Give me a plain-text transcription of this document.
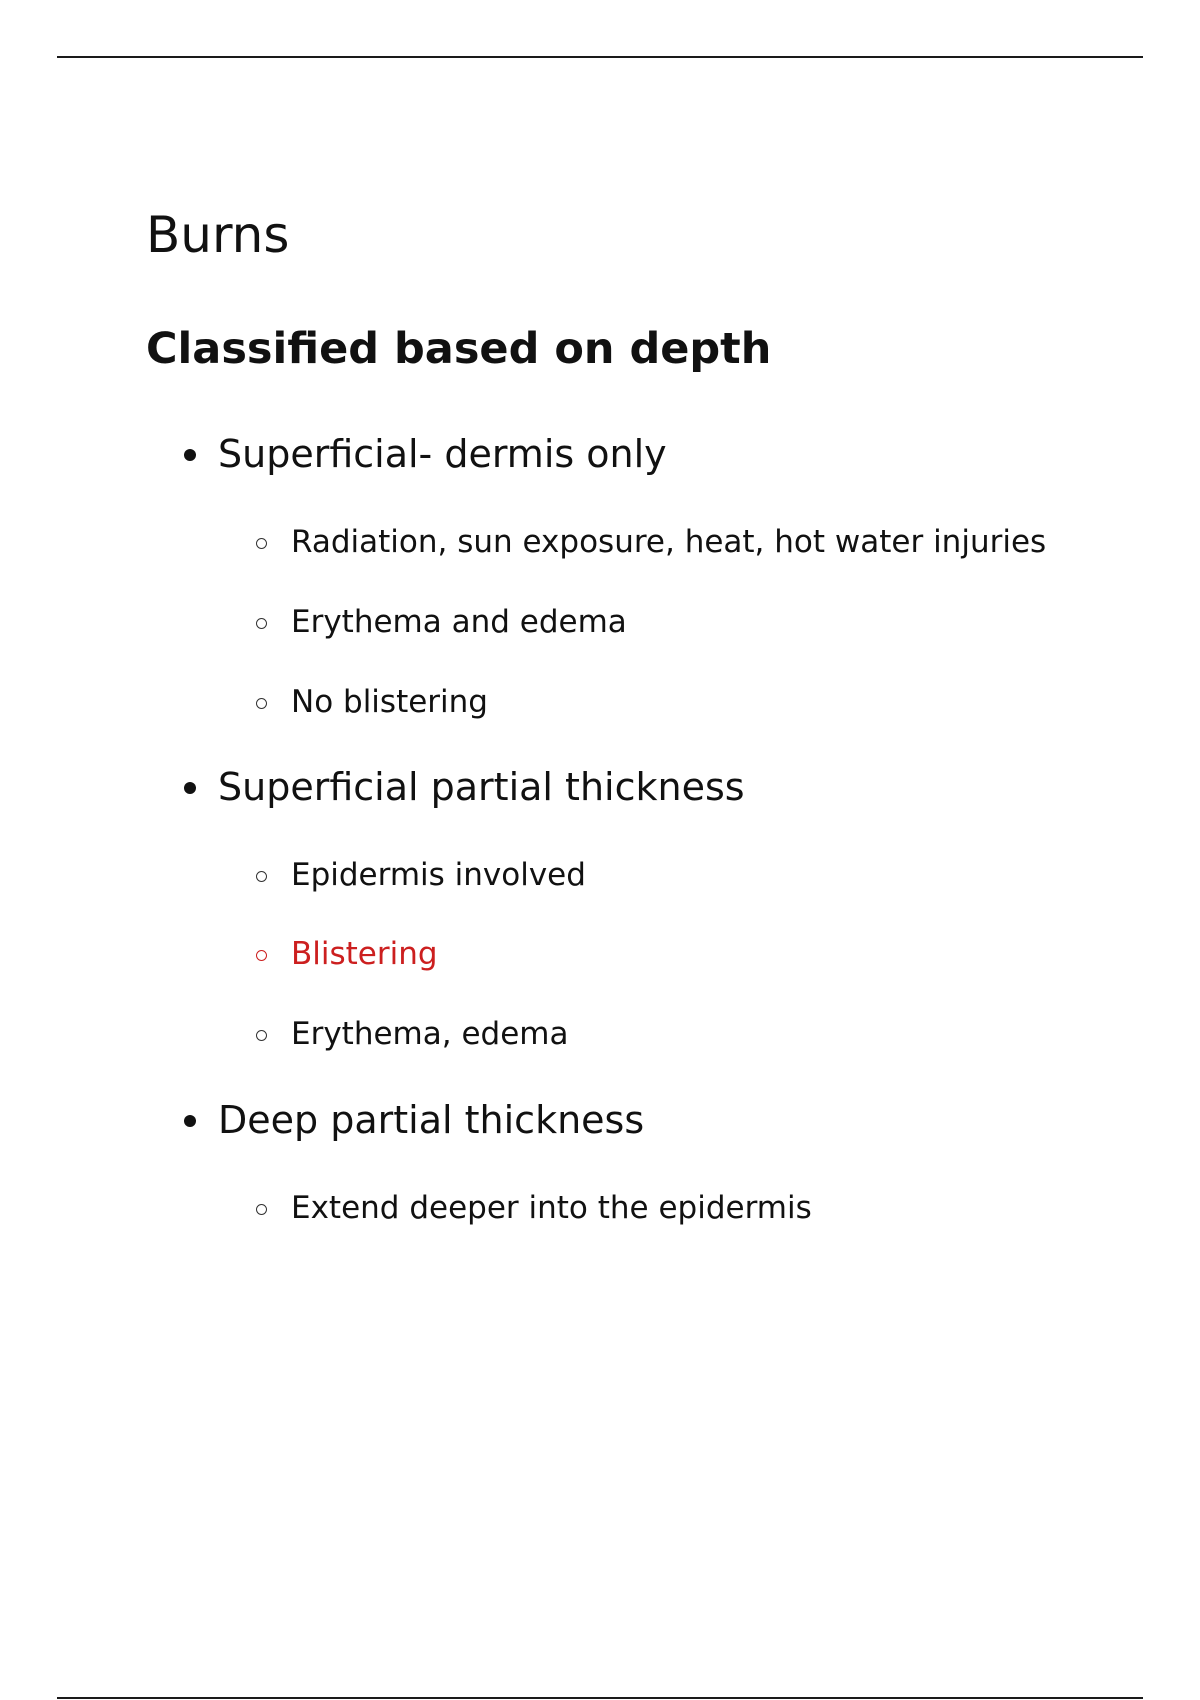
Burns
Classified based on depth
Superficial- dermis only
Radiation, sun exposure, heat, hot water injuries
Erythema and edema
No blistering
Superficial partial thickness
Epidermis involved
Blistering
Erythema, edema
Deep partial thickness
Extend deeper into the epidermis
